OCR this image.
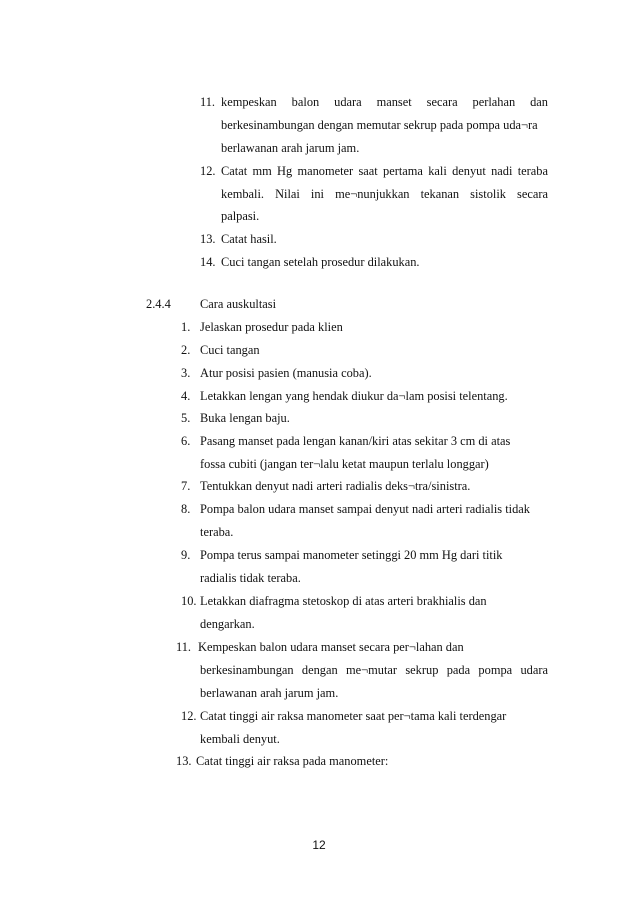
11. kempeskan balon udara manset secara perlahan dan
berkesinambungan dengan memutar sekrup pada pompa uda¬ra
berlawanan arah jarum jam.
12. Catat mm Hg manometer saat pertama kali denyut nadi teraba
kembali. Nilai ini me¬nunjukkan tekanan sistolik secara
palpasi.
13. Catat hasil.
14. Cuci tangan setelah prosedur dilakukan.
2.4.4 Cara auskultasi
1. Jelaskan prosedur pada klien
2. Cuci tangan
3. Atur posisi pasien (manusia coba).
4. Letakkan lengan yang hendak diukur da¬lam posisi telentang.
5. Buka lengan baju.
6. Pasang manset pada lengan kanan/kiri atas sekitar 3 cm di atas
fossa cubiti (jangan ter¬lalu ketat maupun terlalu longgar)
7. Tentukkan denyut nadi arteri radialis deks¬tra/sinistra.
8. Pompa balon udara manset sampai denyut nadi arteri radialis tidak
teraba.
9. Pompa terus sampai manometer setinggi 20 mm Hg dari titik
radialis tidak teraba.
10. Letakkan diafragma stetoskop di atas arteri brakhialis dan
dengarkan.
11. Kempeskan balon udara manset secara per¬lahan dan
berkesinambungan dengan me¬mutar sekrup pada pompa udara
berlawanan arah jarum jam.
12. Catat tinggi air raksa manometer saat per¬tama kali terdengar
kembali denyut.
13. Catat tinggi air raksa pada manometer:
12
